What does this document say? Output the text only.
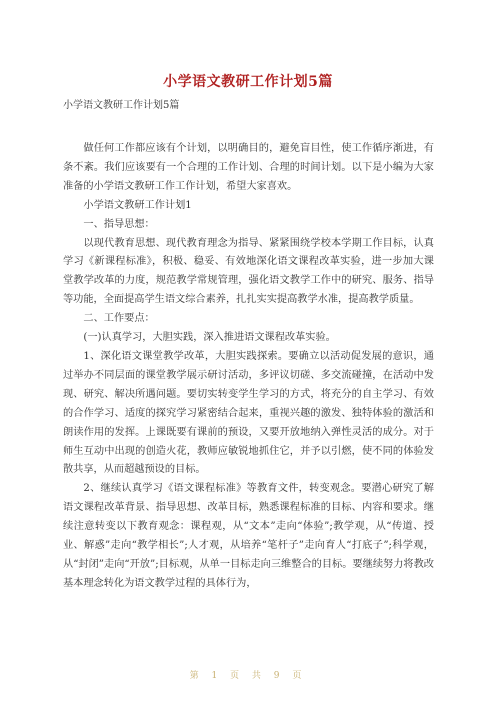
小学语文教研工作计划5篇
小学语文教研工作计划5篇

做任何工作都应该有个计划，以明确目的，避免盲目性，使工作循序渐进，有条不紊。我们应该要有一个合理的工作计划、合理的时间计划。以下是小编为大家准备的小学语文教研工作工作计划，希望大家喜欢。

小学语文教研工作计划1

一、指导思想：

以现代教育思想、现代教育理念为指导、紧紧围绕学校本学期工作目标，认真学习《新课程标准》，积极、稳妥、有效地深化语文课程改革实验，进一步加大课堂教学改革的力度，规范教学常规管理，强化语文教学工作中的研究、服务、指导等功能，全面提高学生语文综合素养，扎扎实实提高教学水准，提高教学质量。

二、工作要点：

(一)认真学习，大胆实践，深入推进语文课程改革实验。

1、深化语文课堂教学改革，大胆实践探索。要确立以活动促发展的意识，通过举办不同层面的课堂教学展示研讨活动，多评议切磋、多交流碰撞，在活动中发现、研究、解决所遇问题。要切实转变学生学习的方式，将充分的自主学习、有效的合作学习、适度的探究学习紧密结合起来，重视兴趣的激发、独特体验的激活和朗读作用的发挥。上课既要有课前的预设，又要开放地纳入弹性灵活的成分。对于师生互动中出现的创造火花，教师应敏锐地抓住它，并予以引燃，使不同的体验发散共享，从而超越预设的目标。

2、继续认真学习《语文课程标准》等教育文件，转变观念。要潜心研究了解语文课程改革背景、指导思想、改革目标，熟悉课程标准的目标、内容和要求。继续注意转变以下教育观念：课程观，从“文本”走向“体验”;教学观，从“传道、授业、解惑”走向“教学相长”;人才观，从培养“笔杆子”走向育人“打底子”;科学观，从“封闭”走向“开放”;目标观，从单一目标走向三维整合的目标。要继续努力将教改基本理念转化为语文教学过程的具体行为，

第 1 页 共 9 页
